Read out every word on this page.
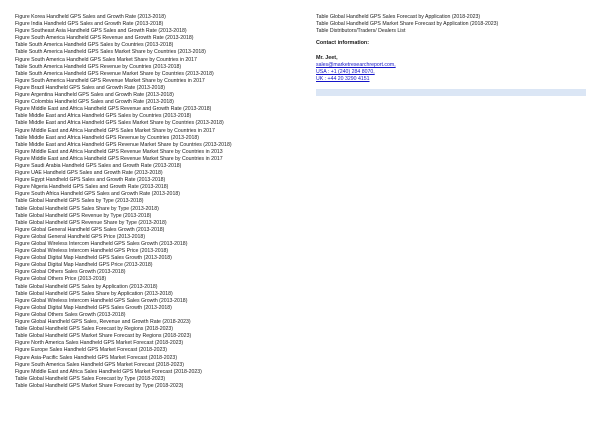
Figure Korea Handheld GPS Sales and Growth Rate (2013-2018)
Figure India Handheld GPS Sales and Growth Rate (2013-2018)
Figure Southeast Asia Handheld GPS Sales and Growth Rate (2013-2018)
Figure South America Handheld GPS Revenue and Growth Rate (2013-2018)
Table South America Handheld GPS Sales by Countries (2013-2018)
Table South America Handheld GPS Sales Market Share by Countries (2013-2018)
Figure South America Handheld GPS Sales Market Share by Countries in 2017
Table South America Handheld GPS Revenue by Countries (2013-2018)
Table South America Handheld GPS Revenue Market Share by Countries (2013-2018)
Figure South America Handheld GPS Revenue Market Share by Countries in 2017
Figure Brazil Handheld GPS Sales and Growth Rate (2013-2018)
Figure Argentina Handheld GPS Sales and Growth Rate (2013-2018)
Figure Colombia Handheld GPS Sales and Growth Rate (2013-2018)
Figure Middle East and Africa Handheld GPS Revenue and Growth Rate (2013-2018)
Table Middle East and Africa Handheld GPS Sales by Countries (2013-2018)
Table Middle East and Africa Handheld GPS Sales Market Share by Countries (2013-2018)
Figure Middle East and Africa Handheld GPS Sales Market Share by Countries in 2017
Table Middle East and Africa Handheld GPS Revenue by Countries (2013-2018)
Table Middle East and Africa Handheld GPS Revenue Market Share by Countries (2013-2018)
Figure Middle East and Africa Handheld GPS Revenue Market Share by Countries in 2013
Figure Middle East and Africa Handheld GPS Revenue Market Share by Countries in 2017
Figure Saudi Arabia Handheld GPS Sales and Growth Rate (2013-2018)
Figure UAE Handheld GPS Sales and Growth Rate (2013-2018)
Figure Egypt Handheld GPS Sales and Growth Rate (2013-2018)
Figure Nigeria Handheld GPS Sales and Growth Rate (2013-2018)
Figure South Africa Handheld GPS Sales and Growth Rate (2013-2018)
Table Global Handheld GPS Sales by Type (2013-2018)
Table Global Handheld GPS Sales Share by Type (2013-2018)
Table Global Handheld GPS Revenue by Type (2013-2018)
Table Global Handheld GPS Revenue Share by Type (2013-2018)
Figure Global General Handheld GPS Sales Growth (2013-2018)
Figure Global General Handheld GPS Price (2013-2018)
Figure Global Wireless Intercom Handheld GPS Sales Growth (2013-2018)
Figure Global Wireless Intercom Handheld GPS Price (2013-2018)
Figure Global Digital Map Handheld GPS Sales Growth (2013-2018)
Figure Global Digital Map Handheld GPS Price (2013-2018)
Figure Global Others Sales Growth (2013-2018)
Figure Global Others Price (2013-2018)
Table Global Handheld GPS Sales by Application (2013-2018)
Table Global Handheld GPS Sales Share by Application (2013-2018)
Figure Global Wireless Intercom Handheld GPS Sales Growth (2013-2018)
Figure Global Digital Map Handheld GPS Sales Growth (2013-2018)
Figure Global Others Sales Growth (2013-2018)
Figure Global Handheld GPS Sales, Revenue and Growth Rate (2018-2023)
Table Global Handheld GPS Sales Forecast by Regions (2018-2023)
Table Global Handheld GPS Market Share Forecast by Regions (2018-2023)
Figure North America Sales Handheld GPS Market Forecast (2018-2023)
Figure Europe Sales Handheld GPS Market Forecast (2018-2023)
Figure Asia-Pacific Sales Handheld GPS Market Forecast (2018-2023)
Figure South America Sales Handheld GPS Market Forecast (2018-2023)
Figure Middle East and Africa Sales Handheld GPS Market Forecast (2018-2023)
Table Global Handheld GPS Sales Forecast by Type (2018-2023)
Table Global Handheld GPS Market Share Forecast by Type (2018-2023)
Table Global Handheld GPS Sales Forecast by Application (2018-2023)
Table Global Handheld GPS Market Share Forecast by Application (2018-2023)
Table Distributors/Traders/ Dealers List
Contact information:
Mr. Jeet,
sales@marketresearchreport.com,
USA : +1 (240) 284 8070,
UK : +44 20 3290 4151
